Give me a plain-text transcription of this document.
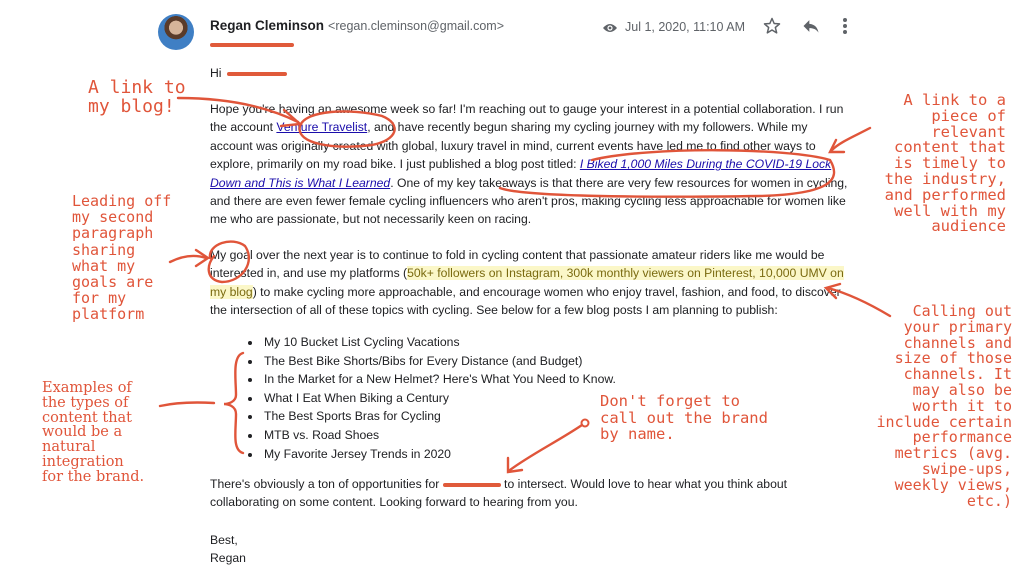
Regan Cleminson <regan.cleminson@gmail.com>	Jul 1, 2020, 11:10 AM
Hi
Hope you're having an awesome week so far! I'm reaching out to gauge your interest in a potential collaboration. I run the account Venture Travelist, and have recently begun sharing my cycling journey with my followers. While my account was originally created with global, luxury travel in mind, current events have led me to find other ways to explore, primarily on my road bike. I just published a blog post titled: I Biked 1,000 Miles During the COVID-19 Lock Down and This is What I Learned. One of my key takeaways is that there are very few resources for women in cycling, and there are even fewer female cycling influencers who aren't pros, making cycling less approachable for women like me who are passionate, but not necessarily keen on racing.
My goal over the next year is to continue to fold in cycling content that passionate amateur riders like me would be interested in, and use my platforms (50k+ followers on Instagram, 300k monthly viewers on Pinterest, 10,000 UMV on my blog) to make cycling more approachable, and encourage women who enjoy travel, fashion, and food, to discover the intersection of all of these topics with cycling. See below for a few blog posts I am planning to publish:
• My 10 Bucket List Cycling Vacations
• The Best Bike Shorts/Bibs for Every Distance (and Budget)
• In the Market for a New Helmet? Here's What You Need to Know.
• What I Eat When Biking a Century
• The Best Sports Bras for Cycling
• MTB vs. Road Shoes
• My Favorite Jersey Trends in 2020
There's obviously a ton of opportunities for	to intersect. Would love to hear what you think about collaborating on some content. Looking forward to hearing from you.
Best,
Regan
A link to
my blog!	A link to a
piece of
relevant
content that
is timely to
the industry,
and performed
well with my
audience
Leading off
my second
paragraph
sharing
what my
goals are
for my
platform	Calling out
your primary
channels and
size of those
channels. It
may also be
worth it to
include certain
performance
metrics (avg.
swipe-ups,
weekly views,
etc.)
Examples of
the types of
content that
would be a
natural
integration
for the brand.
Don't forget to
call out the brand
by name.
